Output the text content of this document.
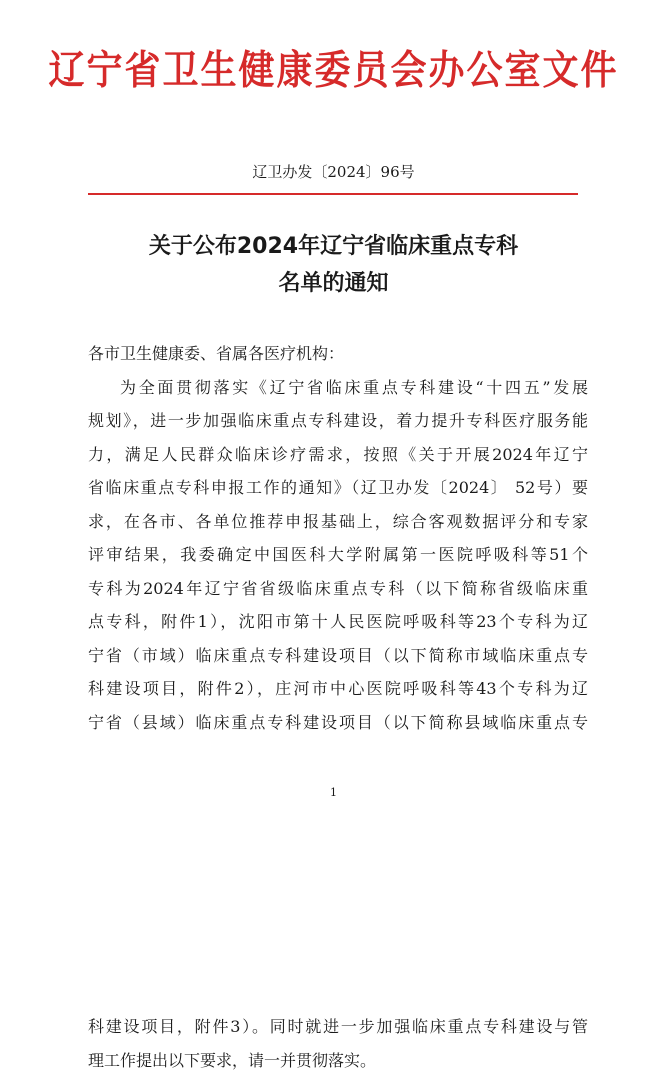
辽宁省卫生健康委员会办公室文件
辽卫办发〔2024〕96号
关于公布2024年辽宁省临床重点专科
名单的通知
各市卫生健康委、省属各医疗机构：
为全面贯彻落实《辽宁省临床重点专科建设“十四五”发展
规划》，进一步加强临床重点专科建设，着力提升专科医疗服务能
力，满足人民群众临床诊疗需求，按照《关于开展2024年辽宁
省临床重点专科申报工作的通知》（辽卫办发〔2024〕 52号）要
求，在各市、各单位推荐申报基础上，综合客观数据评分和专家
评审结果，我委确定中国医科大学附属第一医院呼吸科等51个
专科为2024年辽宁省省级临床重点专科（以下简称省级临床重
点专科，附件1），沈阳市第十人民医院呼吸科等23个专科为辽
宁省（市域）临床重点专科建设项目（以下简称市域临床重点专
科建设项目，附件2），庄河市中心医院呼吸科等43个专科为辽
宁省（县域）临床重点专科建设项目（以下简称县域临床重点专
1
科建设项目，附件3）。同时就进一步加强临床重点专科建设与管
理工作提出以下要求，请一并贯彻落实。
